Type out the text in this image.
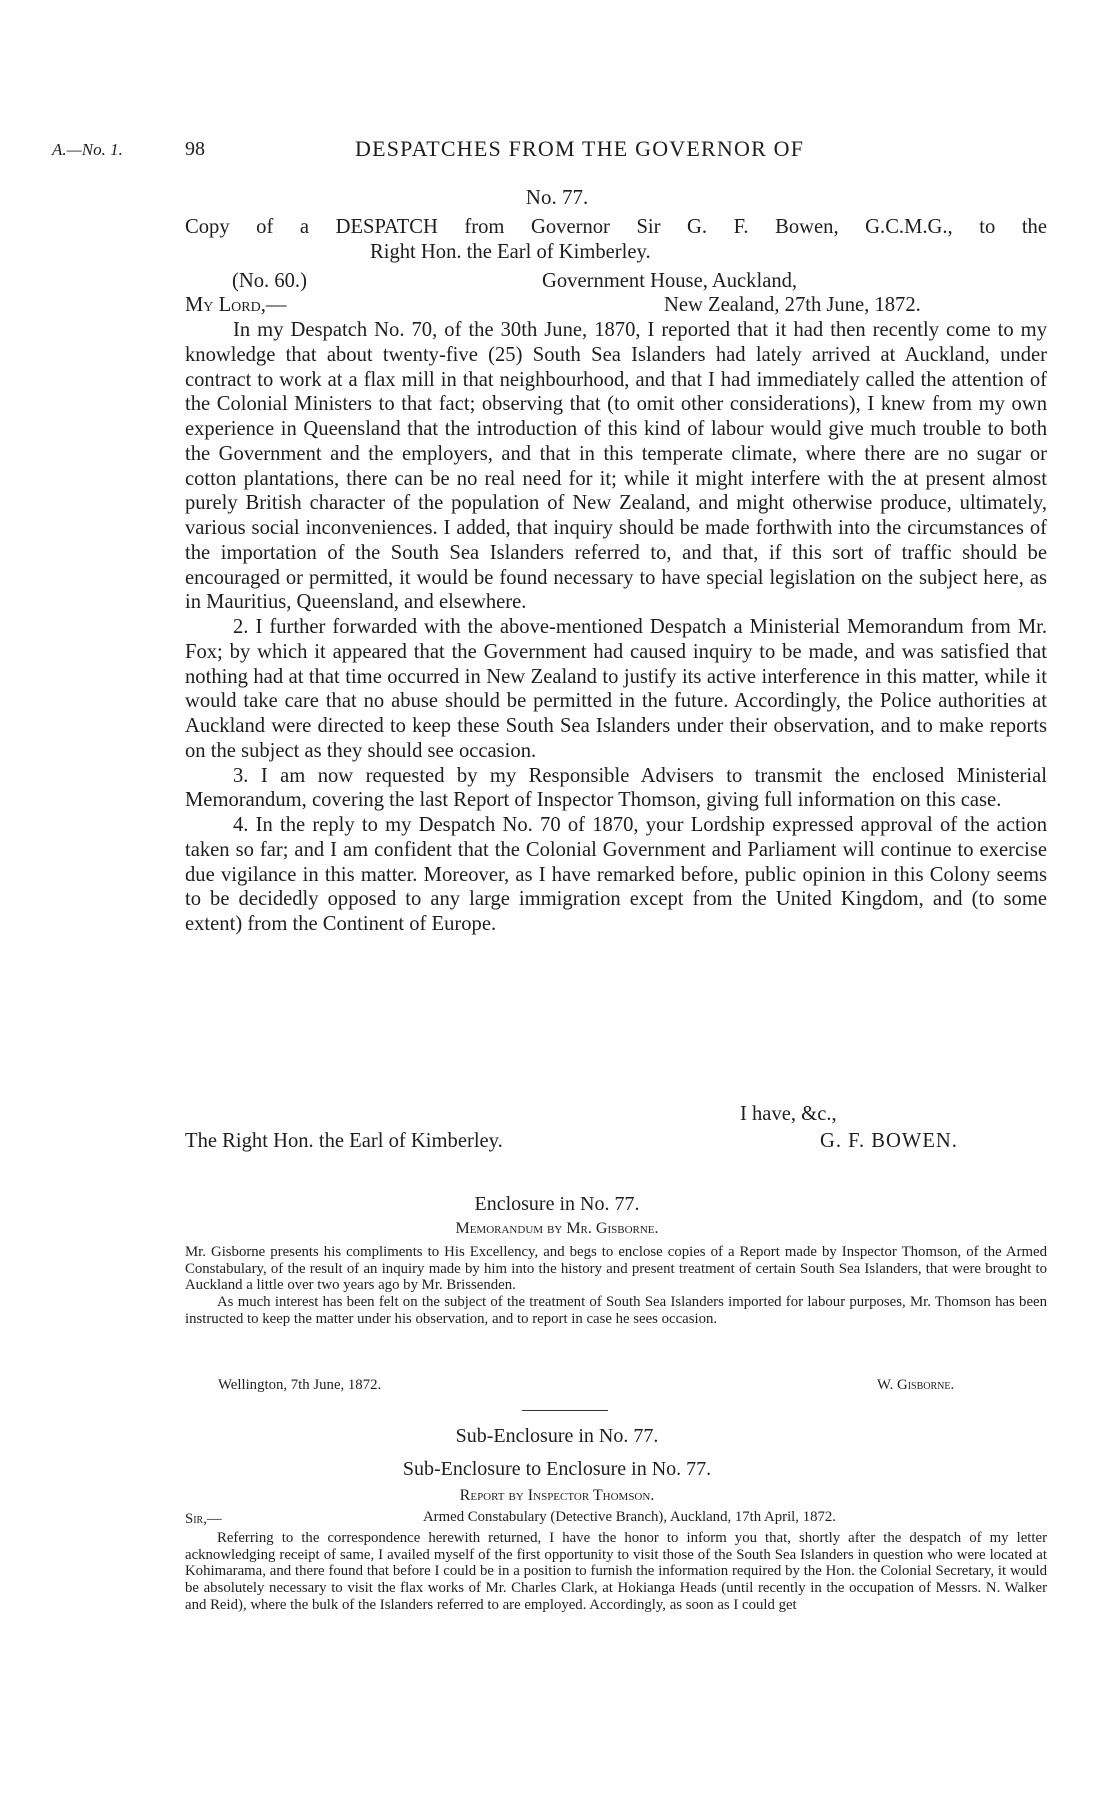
A.—No. 1.	98	DESPATCHES FROM THE GOVERNOR OF
No. 77.
Copy of a DESPATCH from Governor Sir G. F. Bowen, G.C.M.G., to the
Right Hon. the Earl of Kimberley.
(No. 60.)	Government House, Auckland,
My Lord,—	New Zealand, 27th June, 1872.

In my Despatch No. 70, of the 30th June, 1870, I reported that it had then recently come to my knowledge that about twenty-five (25) South Sea Islanders had lately arrived at Auckland, under contract to work at a flax mill in that neighbourhood, and that I had immediately called the attention of the Colonial Ministers to that fact; observing that (to omit other considerations), I knew from my own experience in Queensland that the introduction of this kind of labour would give much trouble to both the Government and the employers, and that in this temperate climate, where there are no sugar or cotton plantations, there can be no real need for it; while it might interfere with the at present almost purely British character of the population of New Zealand, and might otherwise produce, ultimately, various social inconveniences. I added, that inquiry should be made forthwith into the circumstances of the importation of the South Sea Islanders referred to, and that, if this sort of traffic should be encouraged or permitted, it would be found necessary to have special legislation on the subject here, as in Mauritius, Queensland, and elsewhere.

2. I further forwarded with the above-mentioned Despatch a Ministerial Memorandum from Mr. Fox; by which it appeared that the Government had caused inquiry to be made, and was satisfied that nothing had at that time occurred in New Zealand to justify its active interference in this matter, while it would take care that no abuse should be permitted in the future. Accordingly, the Police authorities at Auckland were directed to keep these South Sea Islanders under their observation, and to make reports on the subject as they should see occasion.

3. I am now requested by my Responsible Advisers to transmit the enclosed Ministerial Memorandum, covering the last Report of Inspector Thomson, giving full information on this case.

4. In the reply to my Despatch No. 70 of 1870, your Lordship expressed approval of the action taken so far; and I am confident that the Colonial Government and Parliament will continue to exercise due vigilance in this matter. Moreover, as I have remarked before, public opinion in this Colony seems to be decidedly opposed to any large immigration except from the United Kingdom, and (to some extent) from the Continent of Europe.

I have, &c.,
The Right Hon. the Earl of Kimberley.	G. F. BOWEN.
Enclosure in No. 77.
Memorandum by Mr. Gisborne.

Mr. Gisborne presents his compliments to His Excellency, and begs to enclose copies of a Report made by Inspector Thomson, of the Armed Constabulary, of the result of an inquiry made by him into the history and present treatment of certain South Sea Islanders, that were brought to Auckland a little over two years ago by Mr. Brissenden.

As much interest has been felt on the subject of the treatment of South Sea Islanders imported for labour purposes, Mr. Thomson has been instructed to keep the matter under his observation, and to report in case he sees occasion.

Wellington, 7th June, 1872.	W. Gisborne.
Sub-Enclosure in No. 77.
Sub-Enclosure to Enclosure in No. 77.
Report by Inspector Thomson.
Sir,—	Armed Constabulary (Detective Branch), Auckland, 17th April, 1872.

Referring to the correspondence herewith returned, I have the honor to inform you that, shortly after the despatch of my letter acknowledging receipt of same, I availed myself of the first opportunity to visit those of the South Sea Islanders in question who were located at Kohimarama, and there found that before I could be in a position to furnish the information required by the Hon. the Colonial Secretary, it would be absolutely necessary to visit the flax works of Mr. Charles Clark, at Hokianga Heads (until recently in the occupation of Messrs. N. Walker and Reid), where the bulk of the Islanders referred to are employed. Accordingly, as soon as I could get
